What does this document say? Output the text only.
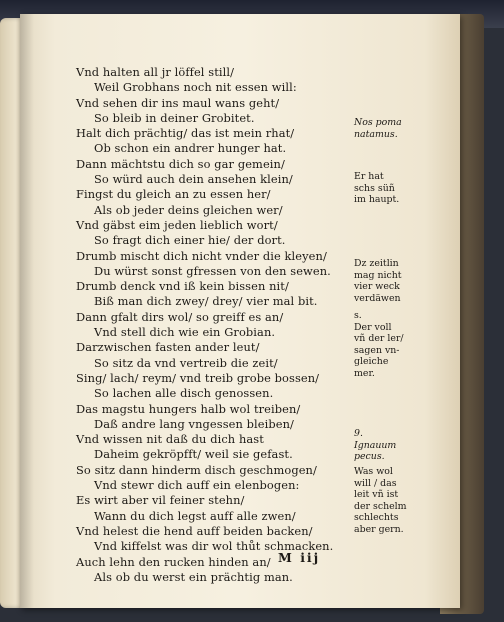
Vnd halten all jr löffel still/
Weil Grobhans noch nit essen will:
Vnd sehen dir ins maul wans geht/
So bleib in deiner Grobitet.
Halt dich prächtig/ das ist mein rhat/
Ob schon ein andrer hunger hat.
Dann mächtstu dich so gar gemein/
So würd auch dein ansehen klein/
Fingst du gleich an zu essen her/
Als ob jeder deins gleichen wer/
Vnd gäbst eim jeden lieblich wort/
So fragt dich einer hie/ der dort.
Drumb mischt dich nicht vnder die kleyen/
Du würst sonst gfressen von den sewen.
Drumb denck vnd iß kein bissen nit/
Biß man dich zwey/ drey/ vier mal bit.
Dann gfalt dirs wol/ so greiff es an/
Vnd stell dich wie ein Grobian.
Darzwischen fasten ander leut/
So sitz da vnd vertreib die zeit/
Sing/ lach/ reym/ vnd treib grobe bossen/
So lachen alle disch genossen.
Das magstu hungers halb wol treiben/
Daß andre lang vngessen bleiben/
Vnd wissen nit daß du dich hast
Daheim gekröpfft/ weil sie gefast.
So sitz dann hinderm disch geschmogen/
Vnd stewr dich auff ein elenbogen:
Es wirt aber vil feiner stehn/
Wann du dich legst auff alle zwen/
Vnd helest die hend auff beiden backen/
Vnd kiffelst was dir wol thůt schmacken.
Auch lehn den rucken hinden an/
Als ob du werst ein prächtig man.
Nos poma
natamus.
Er hat
schs süñ
im haupt.
Dz zeitlin
mag nicht
vier weck
verdäwen
s.
Der voll
vñ der ler/
sagen vn-
gleiche
mer.
9.
Ignauum
pecus.
Was wol
will / das
leit vñ ist
der schelm
schlechts
aber gern.
M iij
